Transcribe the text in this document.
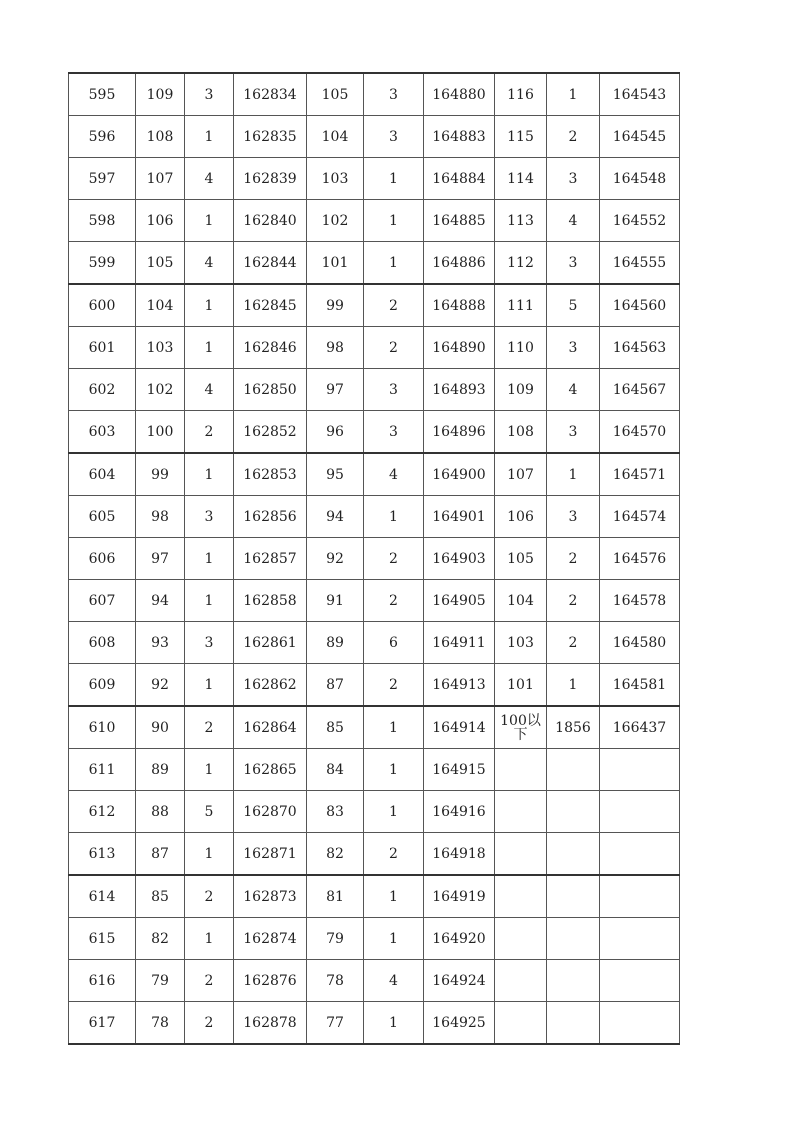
595	109	3	162834	105	3	164880	116	1	164543
596	108	1	162835	104	3	164883	115	2	164545
597	107	4	162839	103	1	164884	114	3	164548
598	106	1	162840	102	1	164885	113	4	164552
599	105	4	162844	101	1	164886	112	3	164555
600	104	1	162845	99	2	164888	111	5	164560
601	103	1	162846	98	2	164890	110	3	164563
602	102	4	162850	97	3	164893	109	4	164567
603	100	2	162852	96	3	164896	108	3	164570
604	99	1	162853	95	4	164900	107	1	164571
605	98	3	162856	94	1	164901	106	3	164574
606	97	1	162857	92	2	164903	105	2	164576
607	94	1	162858	91	2	164905	104	2	164578
608	93	3	162861	89	6	164911	103	2	164580
609	92	1	162862	87	2	164913	101	1	164581
610	90	2	162864	85	1	164914	100以下	1856	166437
611	89	1	162865	84	1	164915			
612	88	5	162870	83	1	164916			
613	87	1	162871	82	2	164918			
614	85	2	162873	81	1	164919			
615	82	1	162874	79	1	164920			
616	79	2	162876	78	4	164924			
617	78	2	162878	77	1	164925			
